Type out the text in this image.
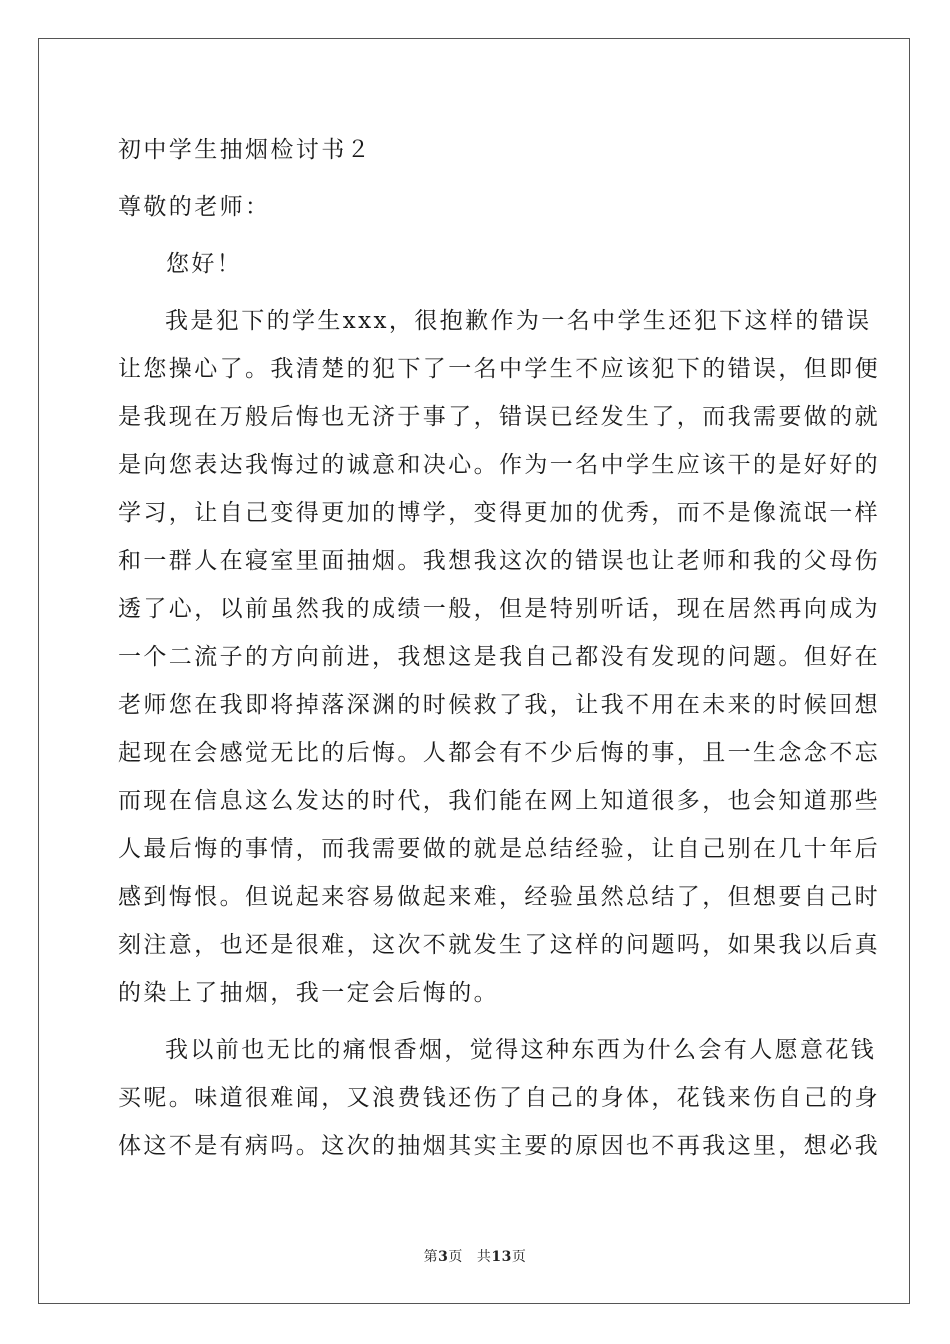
初中学生抽烟检讨书２
尊敬的老师：
您好！
我是犯下的学生xxx，很抱歉作为一名中学生还犯下这样的错误
让您操心了。我清楚的犯下了一名中学生不应该犯下的错误，但即便
是我现在万般后悔也无济于事了，错误已经发生了，而我需要做的就
是向您表达我悔过的诚意和决心。作为一名中学生应该干的是好好的
学习，让自己变得更加的博学，变得更加的优秀，而不是像流氓一样
和一群人在寝室里面抽烟。我想我这次的错误也让老师和我的父母伤
透了心，以前虽然我的成绩一般，但是特别听话，现在居然再向成为
一个二流子的方向前进，我想这是我自己都没有发现的问题。但好在
老师您在我即将掉落深渊的时候救了我，让我不用在未来的时候回想
起现在会感觉无比的后悔。人都会有不少后悔的事，且一生念念不忘
而现在信息这么发达的时代，我们能在网上知道很多，也会知道那些
人最后悔的事情，而我需要做的就是总结经验，让自己别在几十年后
感到悔恨。但说起来容易做起来难，经验虽然总结了，但想要自己时
刻注意，也还是很难，这次不就发生了这样的问题吗，如果我以后真
的染上了抽烟，我一定会后悔的。
我以前也无比的痛恨香烟，觉得这种东西为什么会有人愿意花钱
买呢。味道很难闻，又浪费钱还伤了自己的身体，花钱来伤自己的身
体这不是有病吗。这次的抽烟其实主要的原因也不再我这里，想必我
第3页 共13页
